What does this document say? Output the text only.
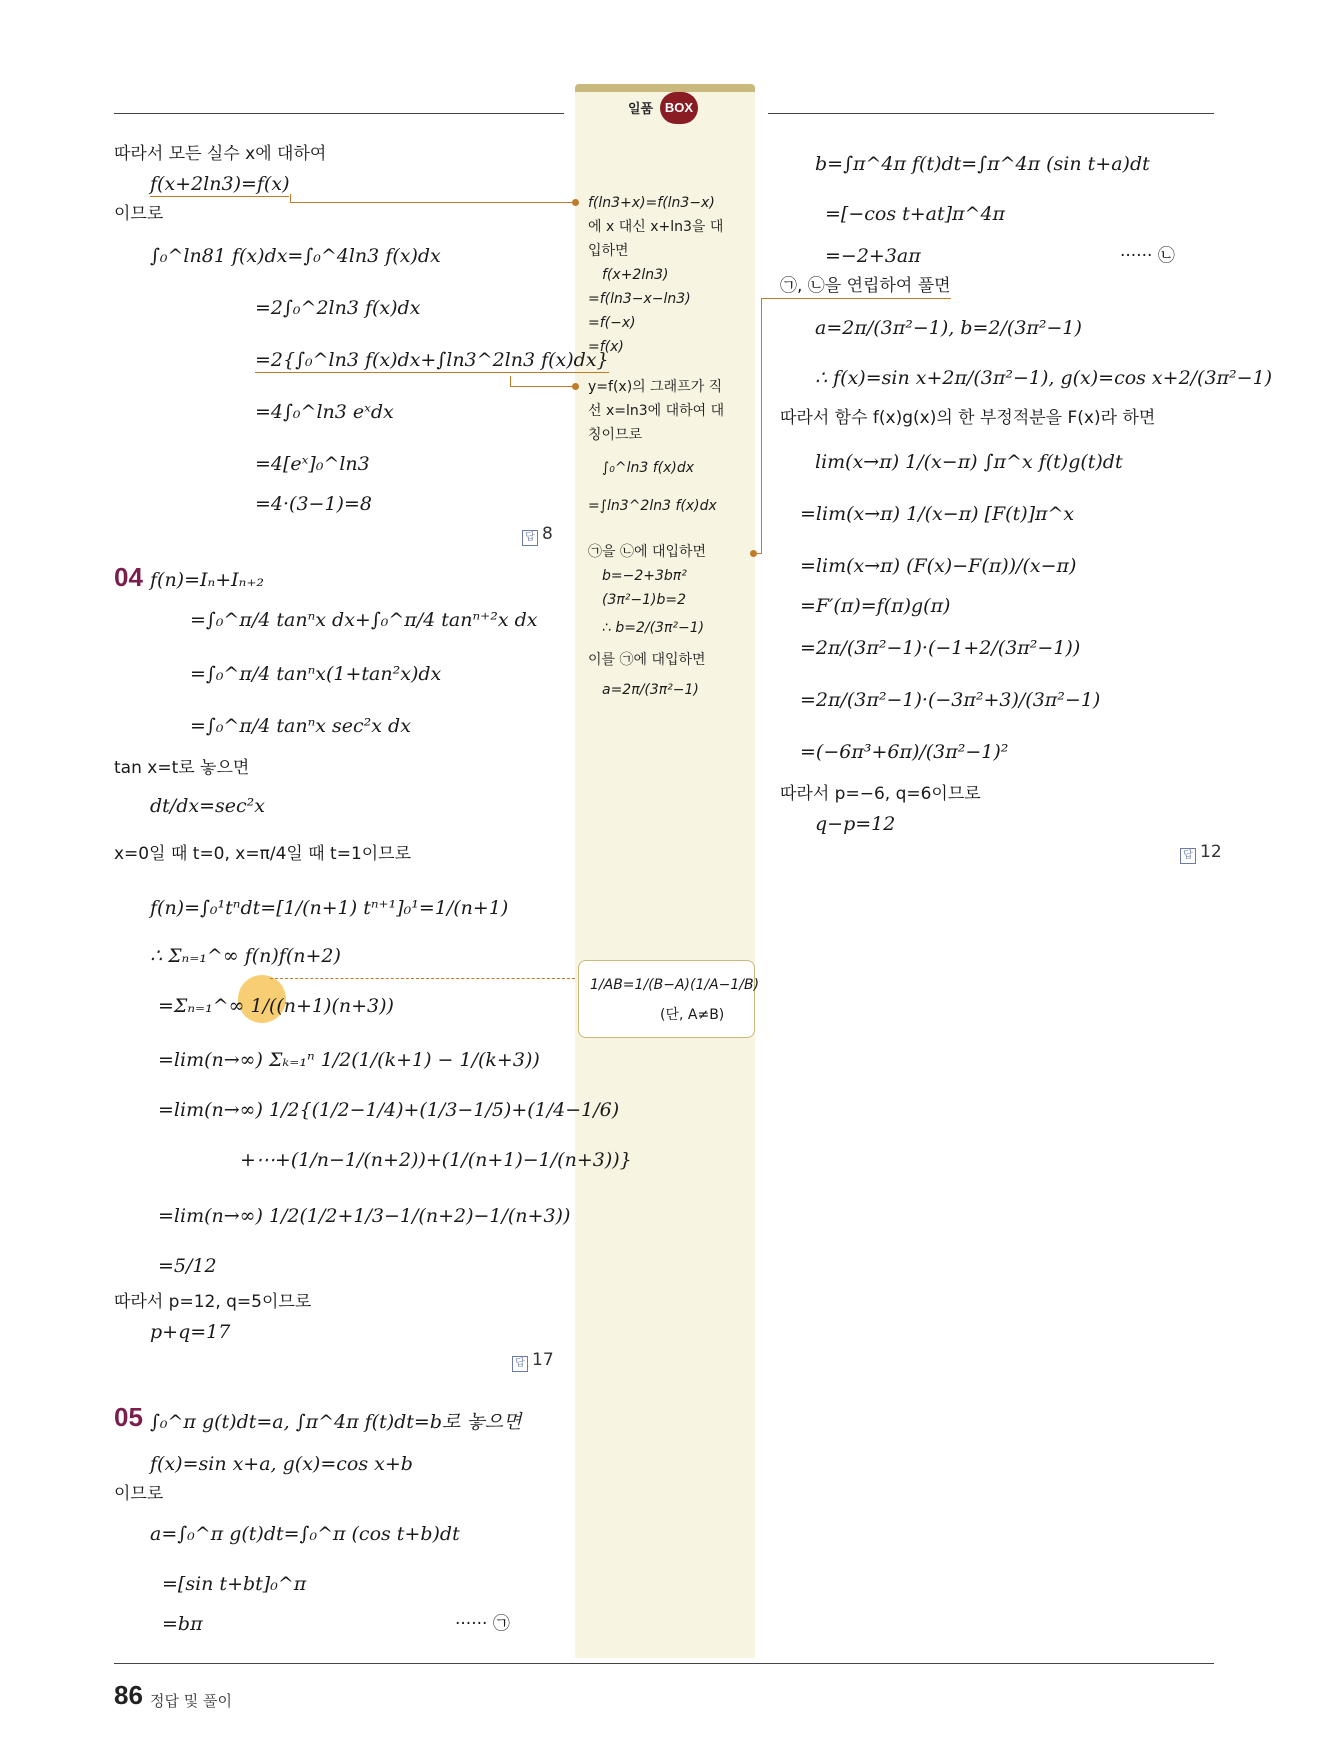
일품 BOX
따라서 모든 실수 x에 대하여
f(x+2ln3)=f(x)
이므로
∫₀^ln81 f(x)dx=∫₀^4ln3 f(x)dx
=2∫₀^2ln3 f(x)dx
=2{∫₀^ln3 f(x)dx+∫ln3^2ln3 f(x)dx}
=4∫₀^ln3 eˣdx
=4[eˣ]₀^ln3
=4·(3−1)=8
답 8
04 f(n)=Iₙ+Iₙ₊₂
=∫₀^π/4 tanⁿx dx+∫₀^π/4 tanⁿ⁺²x dx
=∫₀^π/4 tanⁿx(1+tan²x)dx
=∫₀^π/4 tanⁿx sec²x dx
tan x=t로 놓으면
dt/dx=sec²x
x=0일 때 t=0, x=π/4일 때 t=1이므로
f(n)=∫₀¹tⁿdt=[1/(n+1) tⁿ⁺¹]₀¹=1/(n+1)
∴ Σₙ₌₁^∞ f(n)f(n+2)
=Σₙ₌₁^∞ 1/((n+1)(n+3))
=lim(n→∞) Σₖ₌₁ⁿ 1/2(1/(k+1) − 1/(k+3))
=lim(n→∞) 1/2{(1/2−1/4)+(1/3−1/5)+(1/4−1/6)
+⋯+(1/n−1/(n+2))+(1/(n+1)−1/(n+3))}
=lim(n→∞) 1/2(1/2+1/3−1/(n+2)−1/(n+3))
=5/12
따라서 p=12, q=5이므로
p+q=17
답 17
05 ∫₀^π g(t)dt=a, ∫π^4π f(t)dt=b로 놓으면
f(x)=sin x+a, g(x)=cos x+b
이므로
a=∫₀^π g(t)dt=∫₀^π (cos t+b)dt
=[sin t+bt]₀^π
=bπ	······ ㉠
f(ln3+x)=f(ln3−x)
에 x 대신 x+ln3을 대
입하면
f(x+2ln3)
=f(ln3−x−ln3)
=f(−x)
=f(x)
y=f(x)의 그래프가 직
선 x=ln3에 대하여 대
칭이므로
∫₀^ln3 f(x)dx
=∫ln3^2ln3 f(x)dx
㉠을 ㉡에 대입하면
b=−2+3bπ²
(3π²−1)b=2
∴ b=2/(3π²−1)
이를 ㉠에 대입하면
a=2π/(3π²−1)
1/AB=1/(B−A)(1/A−1/B)
(단, A≠B)
b=∫π^4π f(t)dt=∫π^4π (sin t+a)dt
=[−cos t+at]π^4π
=−2+3aπ	······ ㉡
㉠, ㉡을 연립하여 풀면
a=2π/(3π²−1), b=2/(3π²−1)
∴ f(x)=sin x+2π/(3π²−1), g(x)=cos x+2/(3π²−1)
따라서 함수 f(x)g(x)의 한 부정적분을 F(x)라 하면
lim(x→π) 1/(x−π) ∫π^x f(t)g(t)dt
=lim(x→π) 1/(x−π) [F(t)]π^x
=lim(x→π) (F(x)−F(π))/(x−π)
=F′(π)=f(π)g(π)
=2π/(3π²−1)·(−1+2/(3π²−1))
=2π/(3π²−1)·(−3π²+3)/(3π²−1)
=(−6π³+6π)/(3π²−1)²
따라서 p=−6, q=6이므로
q−p=12
답 12
86 정답 및 풀이
